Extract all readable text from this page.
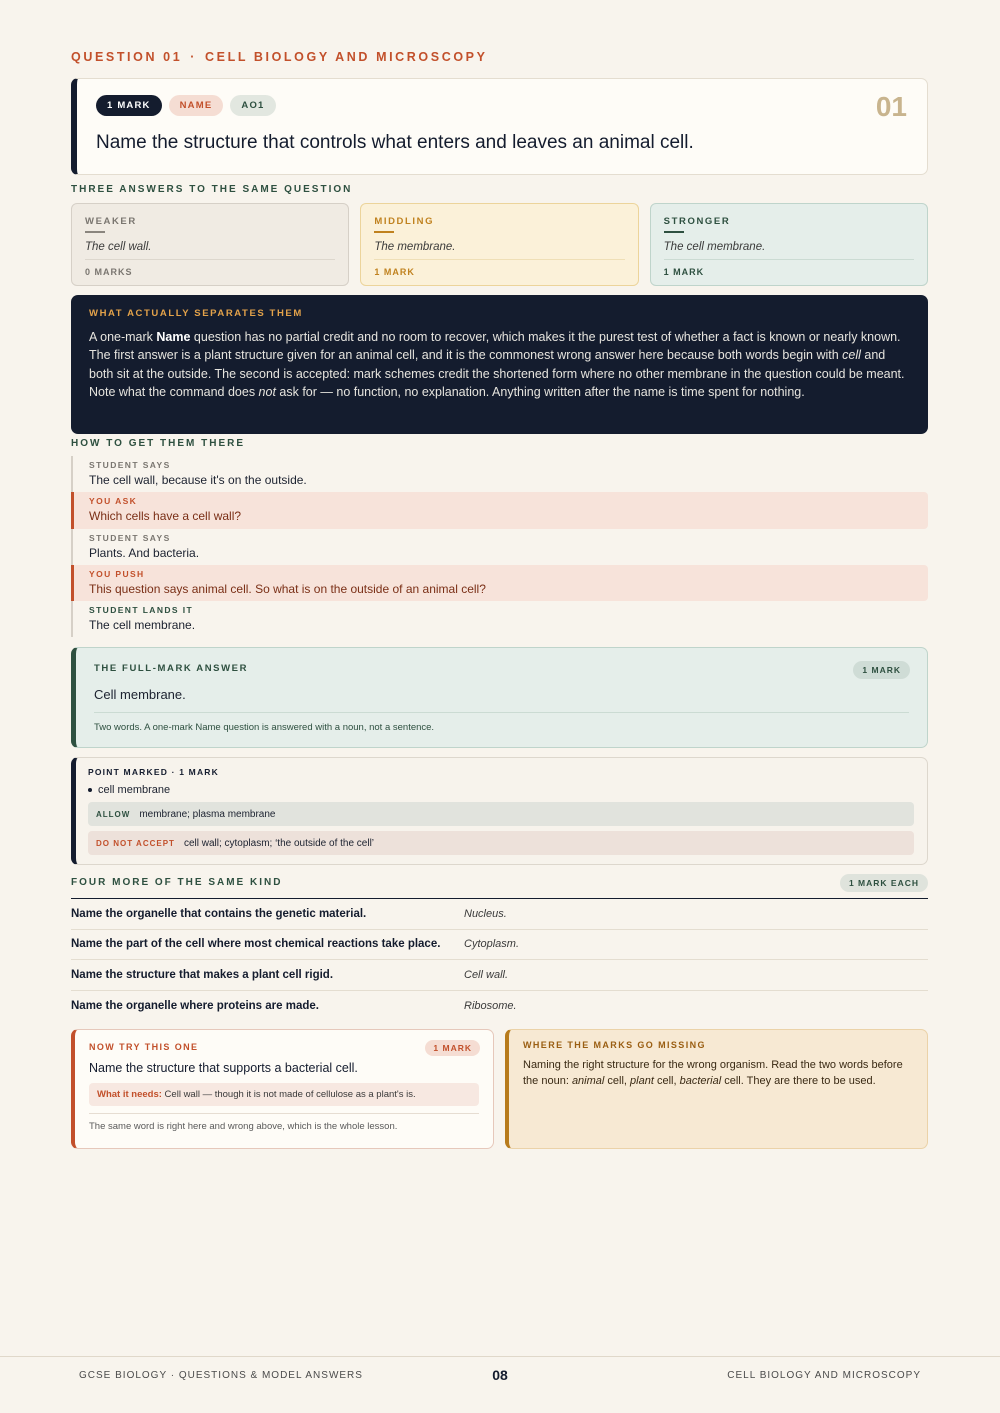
QUESTION 01 · CELL BIOLOGY AND MICROSCOPY
1 MARK	NAME	AO1	01
Name the structure that controls what enters and leaves an animal cell.
THREE ANSWERS TO THE SAME QUESTION
WEAKER
The cell wall.
0 MARKS
MIDDLING
The membrane.
1 MARK
STRONGER
The cell membrane.
1 MARK
WHAT ACTUALLY SEPARATES THEM
A one-mark Name question has no partial credit and no room to recover, which makes it the purest test of whether a fact is known or nearly known. The first answer is a plant structure given for an animal cell, and it is the commonest wrong answer here because both words begin with cell and both sit at the outside. The second is accepted: mark schemes credit the shortened form where no other membrane in the question could be meant. Note what the command does not ask for — no function, no explanation. Anything written after the name is time spent for nothing.
HOW TO GET THEM THERE
STUDENT SAYS
The cell wall, because it's on the outside.
YOU ASK
Which cells have a cell wall?
STUDENT SAYS
Plants. And bacteria.
YOU PUSH
This question says animal cell. So what is on the outside of an animal cell?
STUDENT LANDS IT
The cell membrane.
THE FULL-MARK ANSWER	1 MARK
Cell membrane.
Two words. A one-mark Name question is answered with a noun, not a sentence.
POINT MARKED · 1 MARK
cell membrane
ALLOW membrane; plasma membrane
DO NOT ACCEPT cell wall; cytoplasm; ‘the outside of the cell’
FOUR MORE OF THE SAME KIND	1 MARK EACH
Name the organelle that contains the genetic material.	Nucleus.
Name the part of the cell where most chemical reactions take place.	Cytoplasm.
Name the structure that makes a plant cell rigid.	Cell wall.
Name the organelle where proteins are made.	Ribosome.
NOW TRY THIS ONE	1 MARK
Name the structure that supports a bacterial cell.
What it needs: Cell wall — though it is not made of cellulose as a plant's is.
The same word is right here and wrong above, which is the whole lesson.
WHERE THE MARKS GO MISSING
Naming the right structure for the wrong organism. Read the two words before the noun: animal cell, plant cell, bacterial cell. They are there to be used.
GCSE BIOLOGY · QUESTIONS & MODEL ANSWERS	08	CELL BIOLOGY AND MICROSCOPY
